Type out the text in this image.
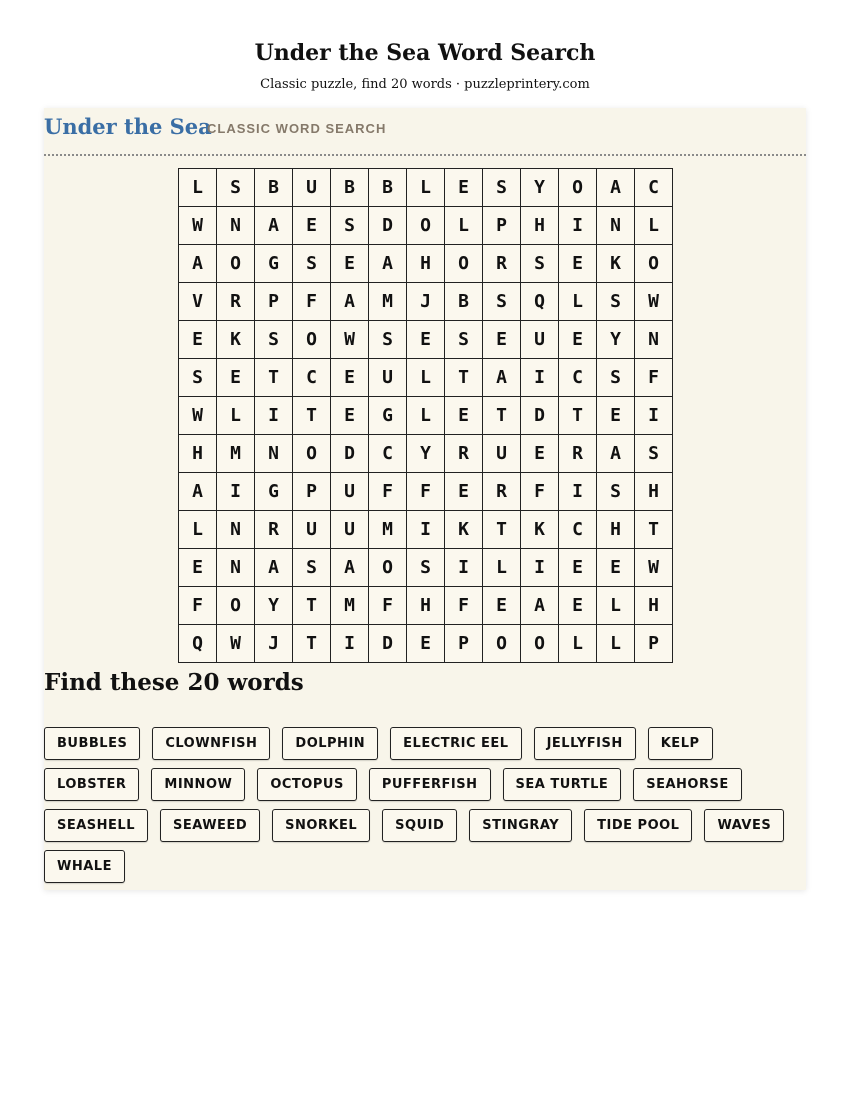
Under the Sea Word Search

Classic puzzle, find 20 words · puzzleprintery.com

Under the Sea
CLASSIC WORD SEARCH
L	S	B	U	B	B	L	E	S	Y	O	A	C
W	N	A	E	S	D	O	L	P	H	I	N	L
A	O	G	S	E	A	H	O	R	S	E	K	O
V	R	P	F	A	M	J	B	S	Q	L	S	W
E	K	S	O	W	S	E	S	E	U	E	Y	N
S	E	T	C	E	U	L	T	A	I	C	S	F
W	L	I	T	E	G	L	E	T	D	T	E	I
H	M	N	O	D	C	Y	R	U	E	R	A	S
A	I	G	P	U	F	F	E	R	F	I	S	H
L	N	R	U	U	M	I	K	T	K	C	H	T
E	N	A	S	A	O	S	I	L	I	E	E	W
F	O	Y	T	M	F	H	F	E	A	E	L	H
Q	W	J	T	I	D	E	P	O	O	L	L	P
Find these 20 words
BUBBLES	CLOWNFISH	DOLPHIN	ELECTRIC EEL	JELLYFISH	KELP
LOBSTER	MINNOW	OCTOPUS	PUFFERFISH	SEA TURTLE	SEAHORSE
SEASHELL	SEAWEED	SNORKEL	SQUID	STINGRAY	TIDE POOL	WAVES
WHALE
